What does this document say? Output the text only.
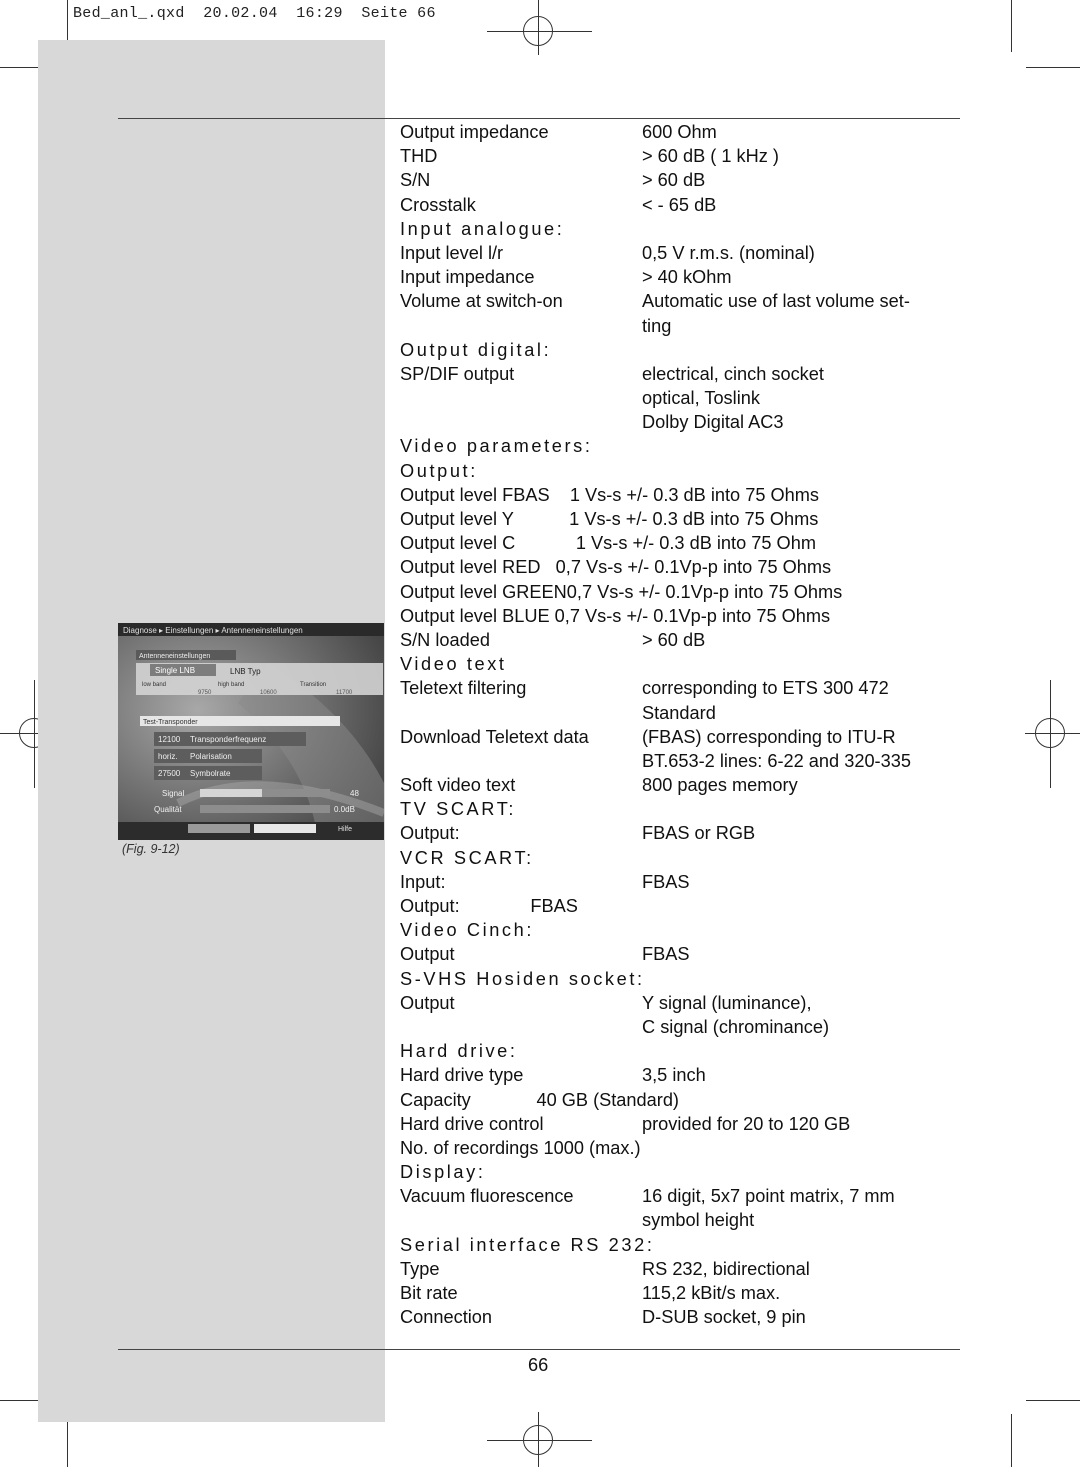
Bed_anl_.qxd  20.02.04  16:29  Seite 66
Diagnose ▸ Einstellungen ▸ Antenneneinstellungen
Antenneneinstellungen
Single LNB	LNB Typ
low band	high band	Transition
9750	10600	11700
Test-Transponder
12100 Transponderfrequenz
horiz. Polarisation
27500 Symbolrate
Signal	48
Qualität	0.0dB
Hilfe
(Fig. 9-12)
Output impedance	600 Ohm
THD	> 60 dB ( 1 kHz )
S/N	> 60 dB
Crosstalk	< - 65 dB
Input analogue:
Input level l/r	0,5 V r.m.s. (nominal)
Input impedance	> 40 kOhm
Volume at switch-on	Automatic use of last volume set-
ting
Output digital:
SP/DIF output	electrical, cinch socket
optical, Toslink
Dolby Digital AC3
Video parameters:
Output:
Output level FBAS    1 Vs-s +/- 0.3 dB into 75 Ohms
Output level Y           1 Vs-s +/- 0.3 dB into 75 Ohms
Output level C            1 Vs-s +/- 0.3 dB into 75 Ohm
Output level RED   0,7 Vs-s +/- 0.1Vp-p into 75 Ohms
Output level GREEN0,7 Vs-s +/- 0.1Vp-p into 75 Ohms
Output level BLUE 0,7 Vs-s +/- 0.1Vp-p into 75 Ohms
S/N loaded	> 60 dB
Video text
Teletext filtering	corresponding to ETS 300 472
Standard
Download Teletext data	(FBAS) corresponding to ITU-R
BT.653-2 lines: 6-22 and 320-335
Soft video text	800 pages memory
TV SCART:
Output:	FBAS or RGB
VCR SCART:
Input:	FBAS
Output:              FBAS
Video Cinch:
Output	FBAS
S-VHS Hosiden socket:
Output	Y signal (luminance),
C signal (chrominance)
Hard drive:
Hard drive type	3,5 inch
Capacity             40 GB (Standard)
Hard drive control	provided for 20 to 120 GB
No. of recordings 1000 (max.)
Display:
Vacuum fluorescence	16 digit, 5x7 point matrix, 7 mm
symbol height
Serial interface RS 232:
Type	RS 232, bidirectional
Bit rate	115,2 kBit/s max.
Connection	D-SUB socket, 9 pin
66
